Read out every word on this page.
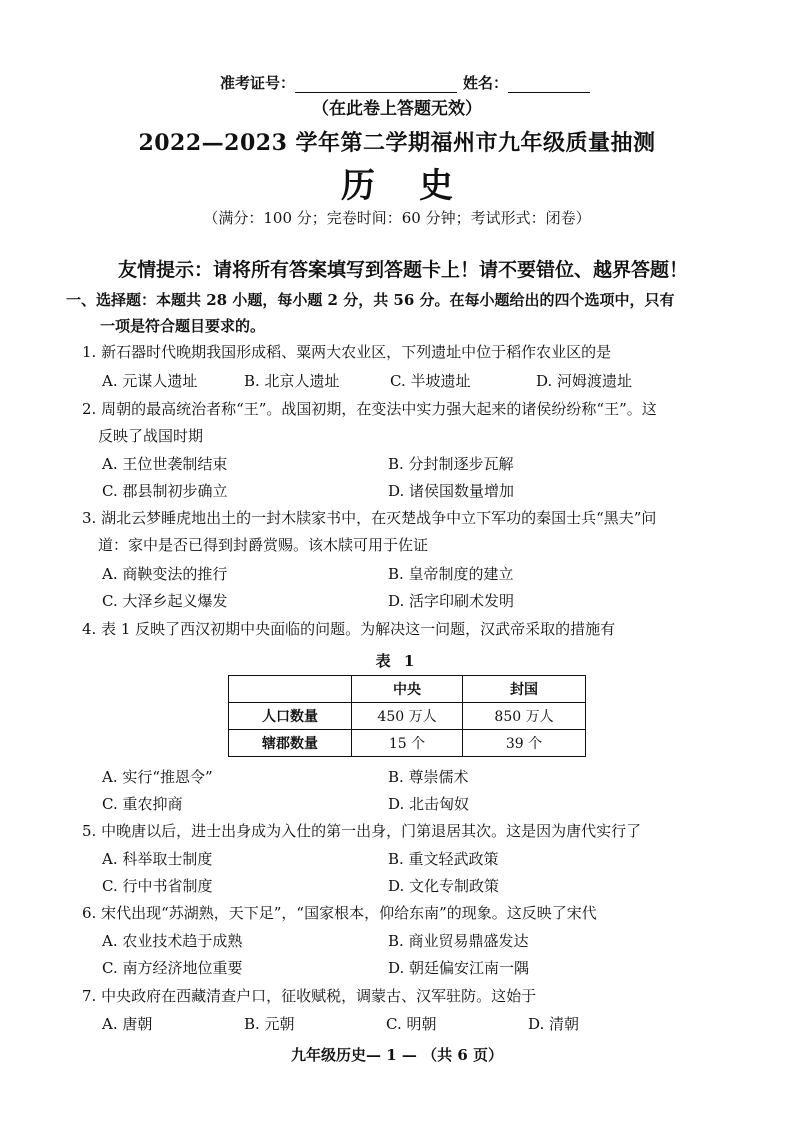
准考证号：	姓名：
（在此卷上答题无效）
2022—2023 学年第二学期福州市九年级质量抽测
历史
（满分：100 分；完卷时间：60 分钟；考试形式：闭卷）
友情提示：请将所有答案填写到答题卡上！请不要错位、越界答题！
一、选择题：本题共 28 小题，每小题 2 分，共 56 分。在每小题给出的四个选项中，只有
一项是符合题目要求的。
1. 新石器时代晚期我国形成稻、粟两大农业区，下列遗址中位于稻作农业区的是
A. 元谋人遗址	B. 北京人遗址	C. 半坡遗址	D. 河姆渡遗址
2. 周朝的最高统治者称“王”。战国初期，在变法中实力强大起来的诸侯纷纷称“王”。这
反映了战国时期
A. 王位世袭制结束	B. 分封制逐步瓦解
C. 郡县制初步确立	D. 诸侯国数量增加
3. 湖北云梦睡虎地出土的一封木牍家书中，在灭楚战争中立下军功的秦国士兵“黑夫”问
道：家中是否已得到封爵赏赐。该木牍可用于佐证
A. 商鞅变法的推行	B. 皇帝制度的建立
C. 大泽乡起义爆发	D. 活字印刷术发明
4. 表 1 反映了西汉初期中央面临的问题。为解决这一问题，汉武帝采取的措施有
表 1
	中央	封国
人口数量	450 万人	850 万人
辖郡数量	15 个	39 个
A. 实行“推恩令”	B. 尊崇儒术
C. 重农抑商	D. 北击匈奴
5. 中晚唐以后，进士出身成为入仕的第一出身，门第退居其次。这是因为唐代实行了
A. 科举取士制度	B. 重文轻武政策
C. 行中书省制度	D. 文化专制政策
6. 宋代出现“苏湖熟，天下足”，“国家根本，仰给东南”的现象。这反映了宋代
A. 农业技术趋于成熟	B. 商业贸易鼎盛发达
C. 南方经济地位重要	D. 朝廷偏安江南一隅
7. 中央政府在西藏清查户口，征收赋税，调蒙古、汉军驻防。这始于
A. 唐朝	B. 元朝	C. 明朝	D. 清朝
九年级历史— 1 — （共 6 页）
